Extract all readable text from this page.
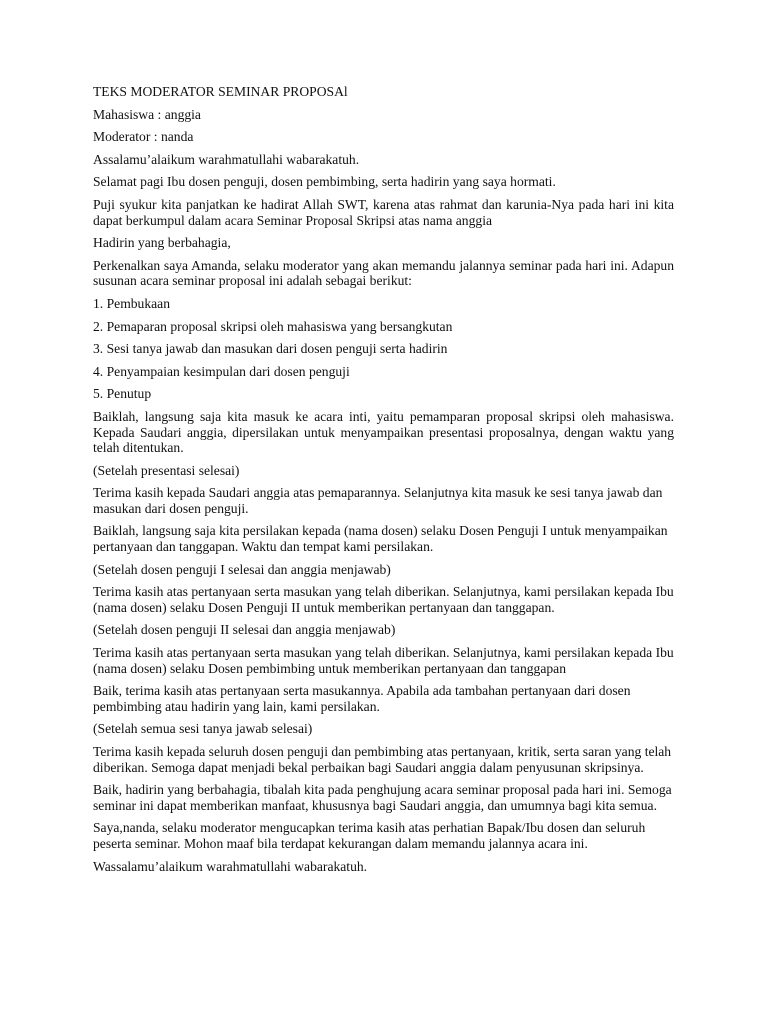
TEKS MODERATOR SEMINAR PROPOSAl

Mahasiswa : anggia

Moderator : nanda

Assalamu’alaikum warahmatullahi wabarakatuh.

Selamat pagi Ibu dosen penguji, dosen pembimbing, serta hadirin yang saya hormati.

Puji syukur kita panjatkan ke hadirat Allah SWT, karena atas rahmat dan karunia-Nya pada hari ini kita dapat berkumpul dalam acara Seminar Proposal Skripsi atas nama anggia

Hadirin yang berbahagia,

Perkenalkan saya Amanda, selaku moderator yang akan memandu jalannya seminar pada hari ini. Adapun susunan acara seminar proposal ini adalah sebagai berikut:

1. Pembukaan

2. Pemaparan proposal skripsi oleh mahasiswa yang bersangkutan

3. Sesi tanya jawab dan masukan dari dosen penguji serta hadirin

4. Penyampaian kesimpulan dari dosen penguji

5. Penutup

Baiklah, langsung saja kita masuk ke acara inti, yaitu pemamparan proposal skripsi oleh mahasiswa. Kepada Saudari anggia, dipersilakan untuk menyampaikan presentasi proposalnya, dengan waktu yang telah ditentukan.

(Setelah presentasi selesai)

Terima kasih kepada Saudari anggia atas pemaparannya. Selanjutnya kita masuk ke sesi tanya jawab dan masukan dari dosen penguji.

Baiklah, langsung saja kita persilakan kepada (nama dosen) selaku Dosen Penguji I untuk menyampaikan pertanyaan dan tanggapan. Waktu dan tempat kami persilakan.

(Setelah dosen penguji I selesai dan anggia menjawab)

Terima kasih atas pertanyaan serta masukan yang telah diberikan. Selanjutnya, kami persilakan kepada Ibu (nama dosen) selaku Dosen Penguji II untuk memberikan pertanyaan dan tanggapan.

(Setelah dosen penguji II selesai dan anggia menjawab)

Terima kasih atas pertanyaan serta masukan yang telah diberikan. Selanjutnya, kami persilakan kepada Ibu (nama dosen) selaku Dosen pembimbing untuk memberikan pertanyaan dan tanggapan

Baik, terima kasih atas pertanyaan serta masukannya. Apabila ada tambahan pertanyaan dari dosen pembimbing atau hadirin yang lain, kami persilakan.

(Setelah semua sesi tanya jawab selesai)

Terima kasih kepada seluruh dosen penguji dan pembimbing atas pertanyaan, kritik, serta saran yang telah diberikan. Semoga dapat menjadi bekal perbaikan bagi Saudari anggia dalam penyusunan skripsinya.

Baik, hadirin yang berbahagia, tibalah kita pada penghujung acara seminar proposal pada hari ini. Semoga seminar ini dapat memberikan manfaat, khususnya bagi Saudari anggia, dan umumnya bagi kita semua.

Saya,nanda, selaku moderator mengucapkan terima kasih atas perhatian Bapak/Ibu dosen dan seluruh peserta seminar. Mohon maaf bila terdapat kekurangan dalam memandu jalannya acara ini.

Wassalamu’alaikum warahmatullahi wabarakatuh.
